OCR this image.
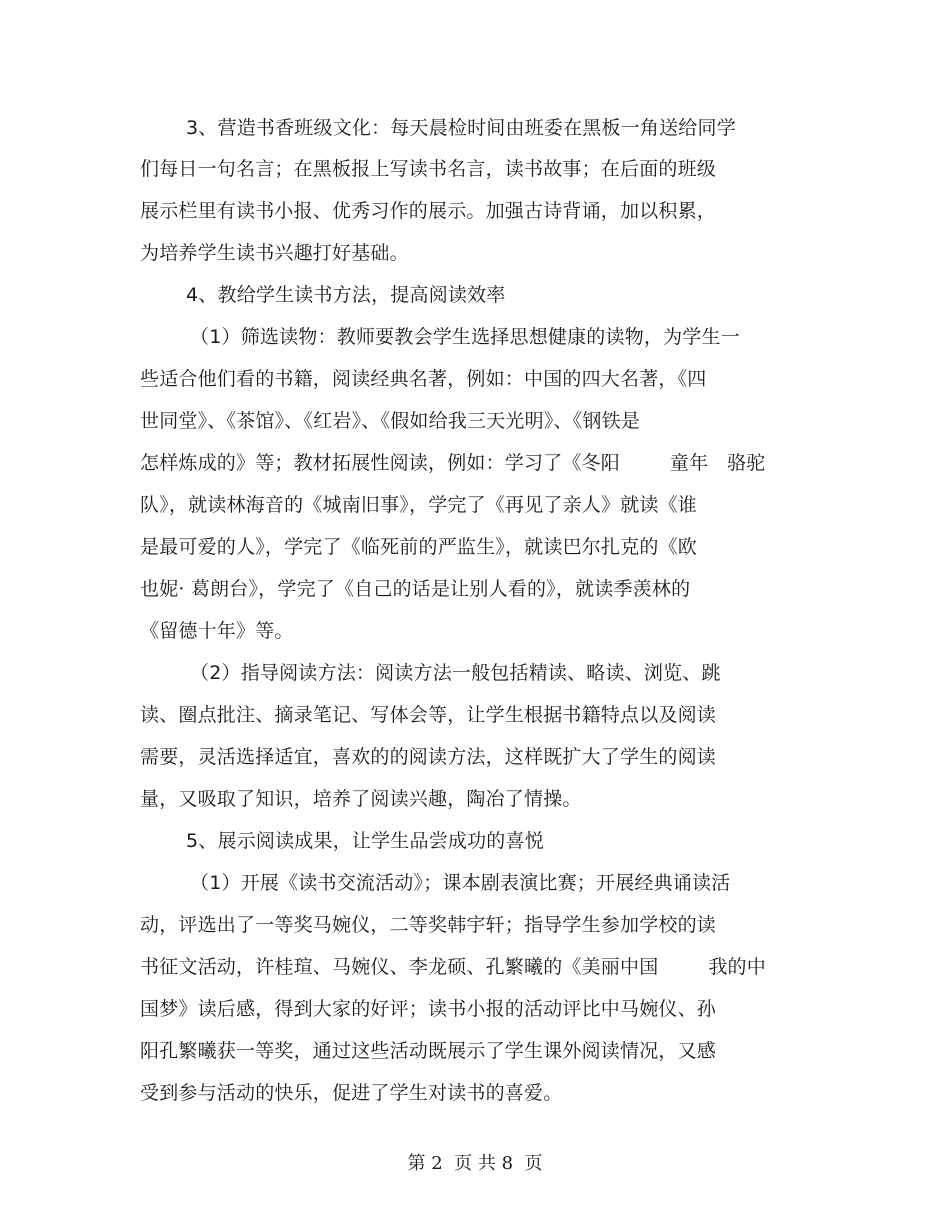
3、营造书香班级文化：每天晨检时间由班委在黑板一角送给同学
们每日一句名言；在黑板报上写读书名言，读书故事；在后面的班级
展示栏里有读书小报、优秀习作的展示。加强古诗背诵，加以积累，
为培养学生读书兴趣打好基础。
4、教给学生读书方法，提高阅读效率
（1）筛选读物：教师要教会学生选择思想健康的读物，为学生一
些适合他们看的书籍，阅读经典名著，例如：中国的四大名著，《四
世同堂》、《茶馆》、《红岩》、《假如给我三天光明》、《钢铁是
怎样炼成的》等；教材拓展性阅读，例如：学习了《冬阳        童年   骆驼
队》，就读林海音的《城南旧事》，学完了《再见了亲人》就读《谁
是最可爱的人》，学完了《临死前的严监生》，就读巴尔扎克的《欧
也妮· 葛朗台》，学完了《自己的话是让别人看的》，就读季羡林的
《留德十年》等。
（2）指导阅读方法：阅读方法一般包括精读、略读、浏览、跳
读、圈点批注、摘录笔记、写体会等，让学生根据书籍特点以及阅读
需要，灵活选择适宜，喜欢的的阅读方法，这样既扩大了学生的阅读
量，又吸取了知识，培养了阅读兴趣，陶冶了情操。
5、展示阅读成果，让学生品尝成功的喜悦
（1）开展《读书交流活动》；课本剧表演比赛；开展经典诵读活
动，评选出了一等奖马婉仪，二等奖韩宇轩；指导学生参加学校的读
书征文活动，许桂瑄、马婉仪、李龙硕、孔繁曦的《美丽中国        我的中
国梦》读后感，得到大家的好评；读书小报的活动评比中马婉仪、孙
阳孔繁曦获一等奖，通过这些活动既展示了学生课外阅读情况，又感
受到参与活动的快乐，促进了学生对读书的喜爱。
第 2  页 共 8  页
